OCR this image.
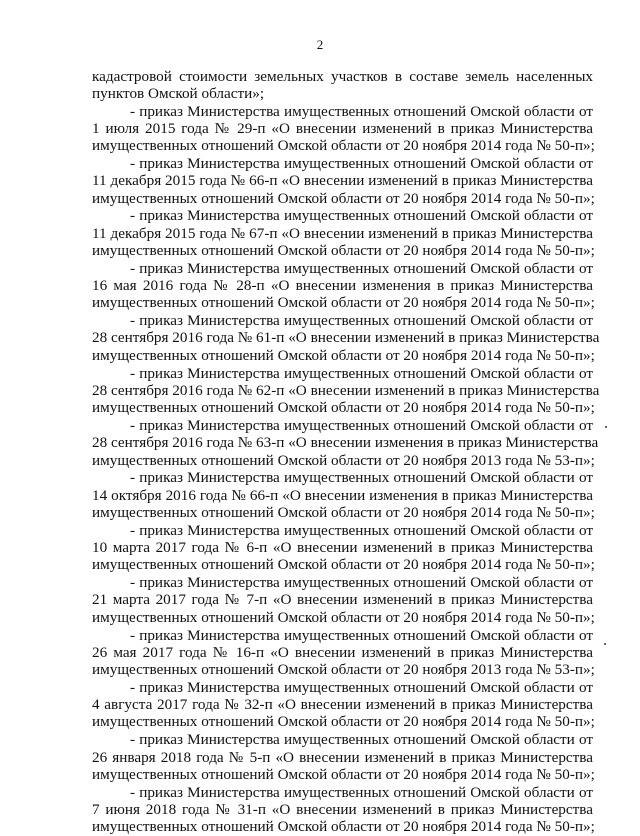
2
кадастровой стоимости земельных участков в составе земель населенных
пунктов Омской области»;
- приказ Министерства имущественных отношений Омской области от
1 июля 2015 года № 29-п «О внесении изменений в приказ Министерства
имущественных отношений Омской области от 20 ноября 2014 года № 50-п»;
- приказ Министерства имущественных отношений Омской области от
11 декабря 2015 года № 66-п «О внесении изменений в приказ Министерства
имущественных отношений Омской области от 20 ноября 2014 года № 50-п»;
- приказ Министерства имущественных отношений Омской области от
11 декабря 2015 года № 67-п «О внесении изменений в приказ Министерства
имущественных отношений Омской области от 20 ноября 2014 года № 50-п»;
- приказ Министерства имущественных отношений Омской области от
16 мая 2016 года № 28-п «О внесении изменения в приказ Министерства
имущественных отношений Омской области от 20 ноября 2014 года № 50-п»;
- приказ Министерства имущественных отношений Омской области от
28 сентября 2016 года № 61-п «О внесении изменений в приказ Министерства
имущественных отношений Омской области от 20 ноября 2014 года № 50-п»;
- приказ Министерства имущественных отношений Омской области от
28 сентября 2016 года № 62-п «О внесении изменений в приказ Министерства
имущественных отношений Омской области от 20 ноября 2014 года № 50-п»;
- приказ Министерства имущественных отношений Омской области от
28 сентября 2016 года № 63-п «О внесении изменения в приказ Министерства
имущественных отношений Омской области от 20 ноября 2013 года № 53-п»;
- приказ Министерства имущественных отношений Омской области от
14 октября 2016 года № 66-п «О внесении изменения в приказ Министерства
имущественных отношений Омской области от 20 ноября 2014 года № 50-п»;
- приказ Министерства имущественных отношений Омской области от
10 марта 2017 года № 6-п «О внесении изменений в приказ Министерства
имущественных отношений Омской области от 20 ноября 2014 года № 50-п»;
- приказ Министерства имущественных отношений Омской области от
21 марта 2017 года № 7-п «О внесении изменений в приказ Министерства
имущественных отношений Омской области от 20 ноября 2014 года № 50-п»;
- приказ Министерства имущественных отношений Омской области от
26 мая 2017 года № 16-п «О внесении изменений в приказ Министерства
имущественных отношений Омской области от 20 ноября 2013 года № 53-п»;
- приказ Министерства имущественных отношений Омской области от
4 августа 2017 года № 32-п «О внесении изменений в приказ Министерства
имущественных отношений Омской области от 20 ноября 2014 года № 50-п»;
- приказ Министерства имущественных отношений Омской области от
26 января 2018 года № 5-п «О внесении изменений в приказ Министерства
имущественных отношений Омской области от 20 ноября 2014 года № 50-п»;
- приказ Министерства имущественных отношений Омской области от
7 июня 2018 года № 31-п «О внесении изменений в приказ Министерства
имущественных отношений Омской области от 20 ноября 2014 года № 50-п»;
